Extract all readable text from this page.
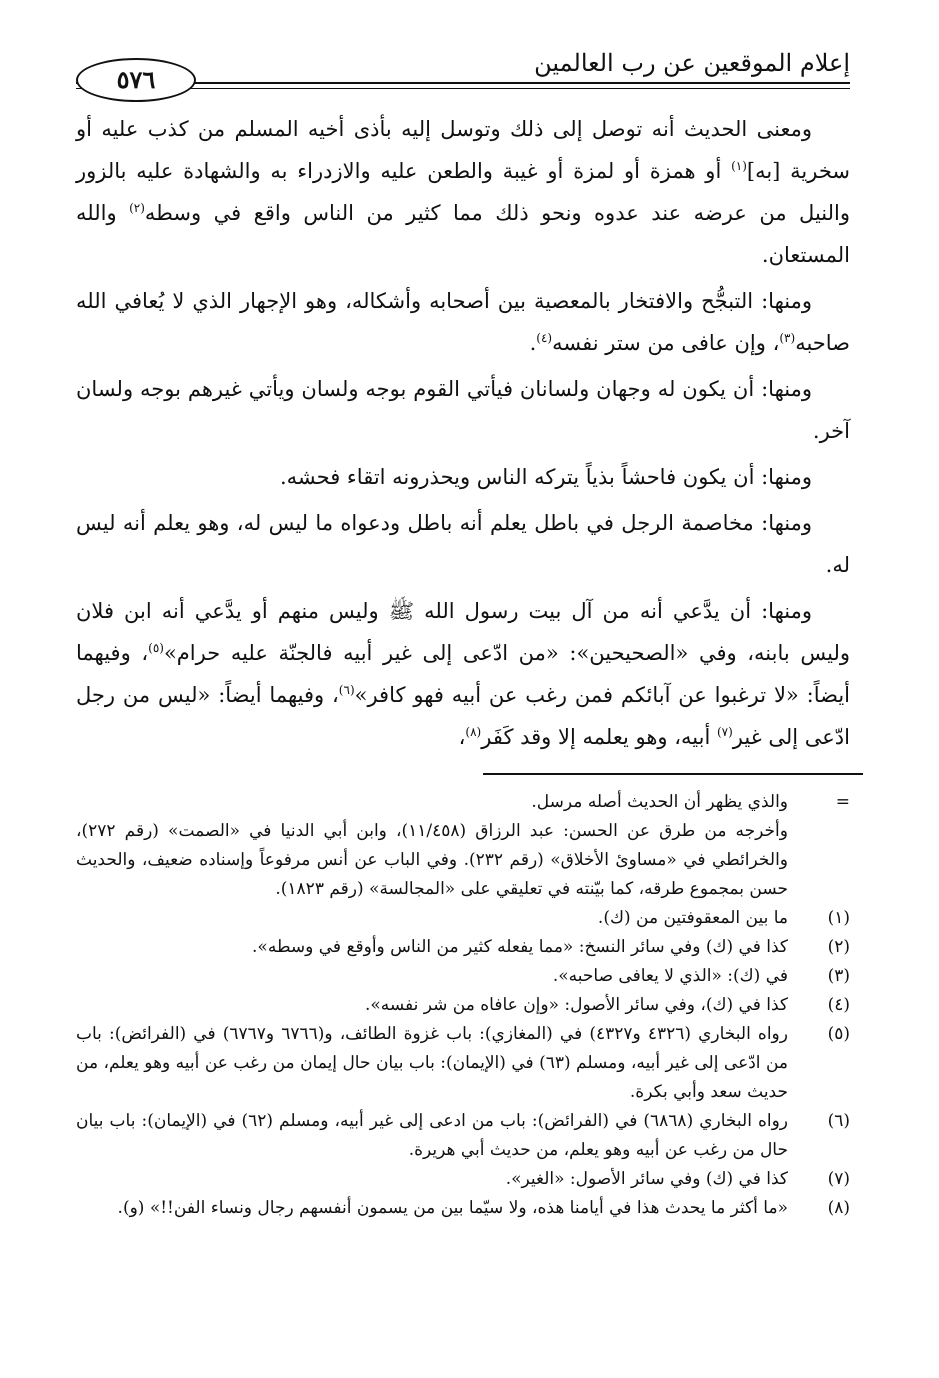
إعلام الموقعين عن رب العالمين
٥٧٦

ومعنى الحديث أنه توصل إلى ذلك وتوسل إليه بأذى أخيه المسلم من كذب عليه أو سخرية [به]$^{(١)}$ أو همزة أو لمزة أو غيبة والطعن عليه والازدراء به والشهادة عليه بالزور والنيل من عرضه عند عدوه ونحو ذلك مما كثير من الناس واقع في وسطه$^{(٢)}$ والله المستعان.

ومنها: التبجُّح والافتخار بالمعصية بين أصحابه وأشكاله، وهو الإجهار الذي لا يُعافي الله صاحبه$^{(٣)}$، وإن عافى من ستر نفسه$^{(٤)}$.

ومنها: أن يكون له وجهان ولسانان فيأتي القوم بوجه ولسان ويأتي غيرهم بوجه ولسان آخر.

ومنها: أن يكون فاحشاً بذياً يتركه الناس ويحذرونه اتقاء فحشه.

ومنها: مخاصمة الرجل في باطل يعلم أنه باطل ودعواه ما ليس له، وهو يعلم أنه ليس له.

ومنها: أن يدَّعي أنه من آل بيت رسول الله ﷺ وليس منهم أو يدَّعي أنه ابن فلان وليس بابنه، وفي «الصحيحين»: «من ادّعى إلى غير أبيه فالجنّة عليه حرام»$^{(٥)}$، وفيهما أيضاً: «لا ترغبوا عن آبائكم فمن رغب عن أبيه فهو كافر»$^{(٦)}$، وفيهما أيضاً: «ليس من رجل ادّعى إلى غير$^{(٧)}$ أبيه، وهو يعلمه إلا وقد كَفَر$^{(٨)}$،

=
والذي يظهر أن الحديث أصله مرسل.

وأخرجه من طرق عن الحسن: عبد الرزاق (١١/٤٥٨)، وابن أبي الدنيا في «الصمت» (رقم ٢٧٢)، والخرائطي في «مساوئ الأخلاق» (رقم ٢٣٢). وفي الباب عن أنس مرفوعاً وإسناده ضعيف، والحديث حسن بمجموع طرقه، كما بيّنته في تعليقي على «المجالسة» (رقم ١٨٢٣).

(١)
ما بين المعقوفتين من (ك).

(٢)
كذا في (ك) وفي سائر النسخ: «مما يفعله كثير من الناس وأوقع في وسطه».

(٣)
في (ك): «الذي لا يعافى صاحبه».

(٤)
كذا في (ك)، وفي سائر الأصول: «وإن عافاه من شر نفسه».

(٥)
رواه البخاري (٤٣٢٦ و٤٣٢٧) في (المغازي): باب غزوة الطائف، و(٦٧٦٦ و٦٧٦٧) في (الفرائض): باب من ادّعى إلى غير أبيه، ومسلم (٦٣) في (الإيمان): باب بيان حال إيمان من رغب عن أبيه وهو يعلم، من حديث سعد وأبي بكرة.

(٦)
رواه البخاري (٦٨٦٨) في (الفرائض): باب من ادعى إلى غير أبيه، ومسلم (٦٢) في (الإيمان): باب بيان حال من رغب عن أبيه وهو يعلم، من حديث أبي هريرة.

(٧)
كذا في (ك) وفي سائر الأصول: «الغير».

(٨)
«ما أكثر ما يحدث هذا في أيامنا هذه، ولا سيّما بين من يسمون أنفسهم رجال ونساء الفن!!» (و).
